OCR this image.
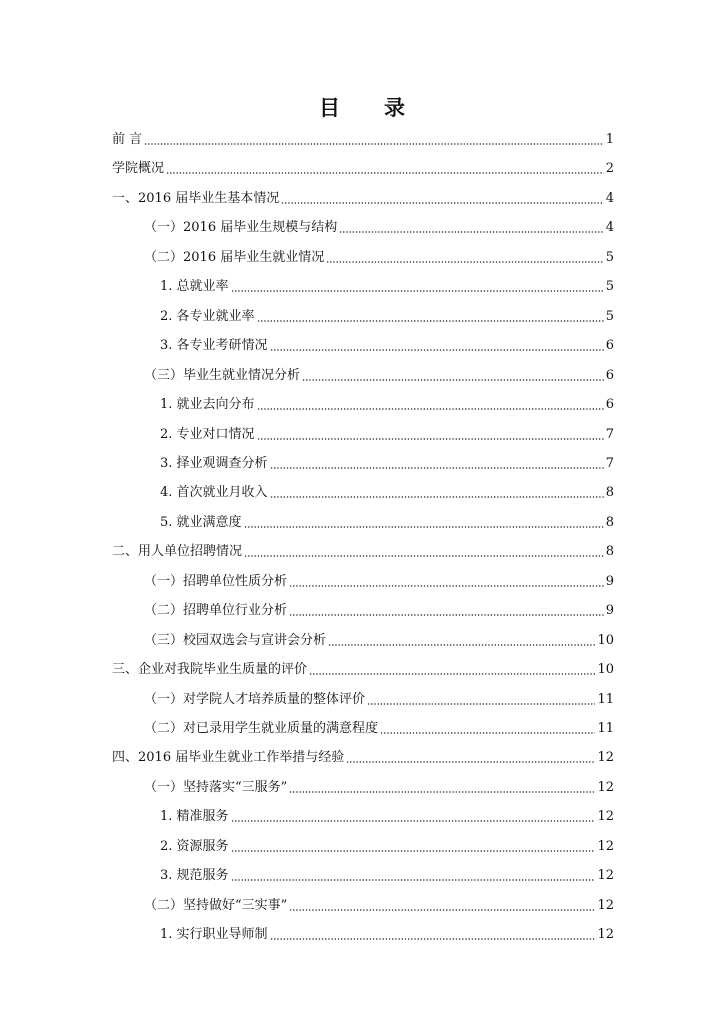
目 录
前 言	1
学院概况	2
一、2016 届毕业生基本情况	4
（一）2016 届毕业生规模与结构	4
（二）2016 届毕业生就业情况	5
1. 总就业率	5
2. 各专业就业率	5
3. 各专业考研情况	6
（三）毕业生就业情况分析	6
1. 就业去向分布	6
2. 专业对口情况	7
3. 择业观调查分析	7
4. 首次就业月收入	8
5. 就业满意度	8
二、用人单位招聘情况	8
（一）招聘单位性质分析	9
（二）招聘单位行业分析	9
（三）校园双选会与宣讲会分析	10
三、企业对我院毕业生质量的评价	10
（一）对学院人才培养质量的整体评价	11
（二）对已录用学生就业质量的满意程度	11
四、2016 届毕业生就业工作举措与经验	12
（一）坚持落实“三服务”	12
1. 精准服务	12
2. 资源服务	12
3. 规范服务	12
（二）坚持做好“三实事”	12
1. 实行职业导师制	12
